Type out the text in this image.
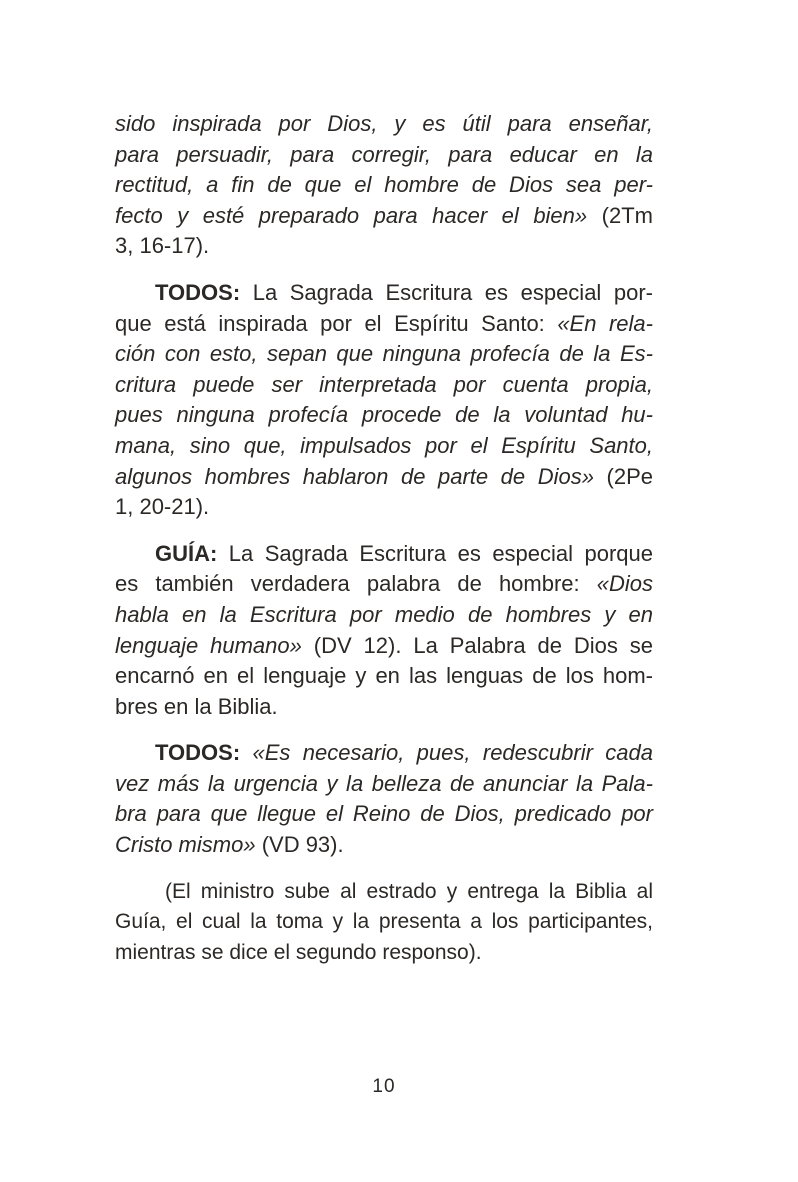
sido inspirada por Dios, y es útil para enseñar,
para persuadir, para corregir, para educar en la
rectitud, a fin de que el hombre de Dios sea per-
fecto y esté preparado para hacer el bien» (2Tm
3, 16-17).
TODOS: La Sagrada Escritura es especial por-
que está inspirada por el Espíritu Santo: «En rela-
ción con esto, sepan que ninguna profecía de la Es-
critura puede ser interpretada por cuenta propia,
pues ninguna profecía procede de la voluntad hu-
mana, sino que, impulsados por el Espíritu Santo,
algunos hombres hablaron de parte de Dios» (2Pe
1, 20-21).
GUÍA: La Sagrada Escritura es especial porque
es también verdadera palabra de hombre: «Dios
habla en la Escritura por medio de hombres y en
lenguaje humano» (DV 12). La Palabra de Dios se
encarnó en el lenguaje y en las lenguas de los hom-
bres en la Biblia.
TODOS: «Es necesario, pues, redescubrir cada
vez más la urgencia y la belleza de anunciar la Pala-
bra para que llegue el Reino de Dios, predicado por
Cristo mismo» (VD 93).
(El ministro sube al estrado y entrega la Biblia al
Guía, el cual la toma y la presenta a los participantes,
mientras se dice el segundo responso).
10
